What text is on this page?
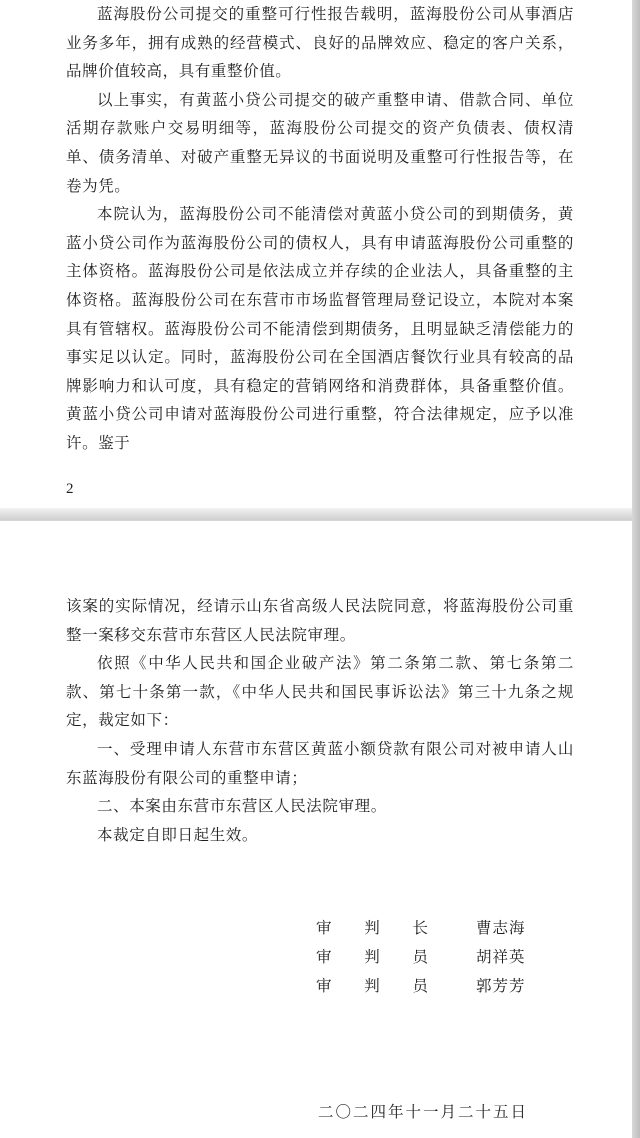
蓝海股份公司提交的重整可行性报告载明，蓝海股份公司从事酒店业务多年，拥有成熟的经营模式、良好的品牌效应、稳定的客户关系，品牌价值较高，具有重整价值。

以上事实，有黄蓝小贷公司提交的破产重整申请、借款合同、单位活期存款账户交易明细等，蓝海股份公司提交的资产负债表、债权清单、债务清单、对破产重整无异议的书面说明及重整可行性报告等，在卷为凭。

本院认为，蓝海股份公司不能清偿对黄蓝小贷公司的到期债务，黄蓝小贷公司作为蓝海股份公司的债权人，具有申请蓝海股份公司重整的主体资格。蓝海股份公司是依法成立并存续的企业法人，具备重整的主体资格。蓝海股份公司在东营市市场监督管理局登记设立，本院对本案具有管辖权。蓝海股份公司不能清偿到期债务，且明显缺乏清偿能力的事实足以认定。同时，蓝海股份公司在全国酒店餐饮行业具有较高的品牌影响力和认可度，具有稳定的营销网络和消费群体，具备重整价值。黄蓝小贷公司申请对蓝海股份公司进行重整，符合法律规定，应予以准许。鉴于

2

该案的实际情况，经请示山东省高级人民法院同意，将蓝海股份公司重整一案移交东营市东营区人民法院审理。

依照《中华人民共和国企业破产法》第二条第二款、第七条第二款、第七十条第一款，《中华人民共和国民事诉讼法》第三十九条之规定，裁定如下：

一、受理申请人东营市东营区黄蓝小额贷款有限公司对被申请人山东蓝海股份有限公司的重整申请；

二、本案由东营市东营区人民法院审理。

本裁定自即日起生效。

审 判 长	曹志海
审 判 员	胡祥英
审 判 员	郭芳芳
二〇二四年十一月二十五日
